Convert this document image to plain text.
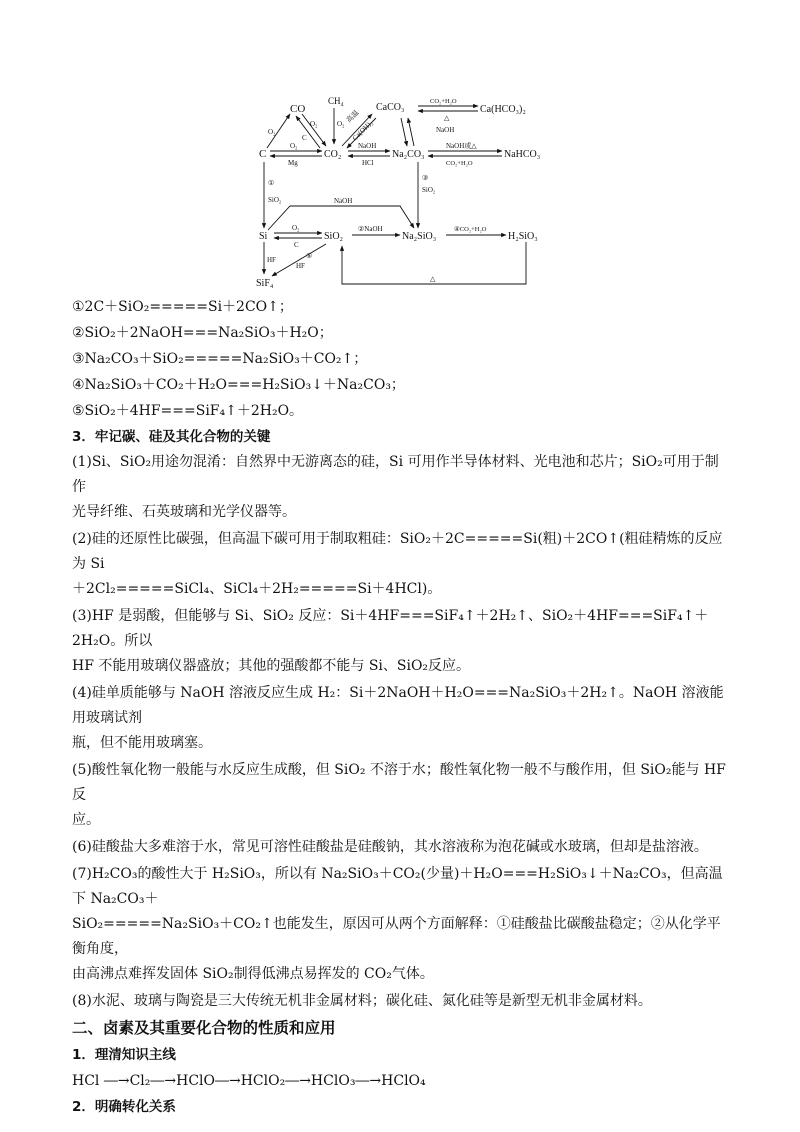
CO
CH₄
CaCO₃	Ca(HCO₃)₂
C	CO₂	Na₂CO₃	NaHCO₃
Si	SiO₂	Na₂SiO₃	H₂SiO₃
SiF₄
O₂
O₂
C
O₂ 高温
Ca(OH)₂
CO₂+H₂O
△
NaOH
O₂
Mg
NaOH
HCl
NaOH或△
CO₂+H₂O
①
SiO₂
③
SiO₂
NaOH
O₂
C
②NaOH	④CO₂+H₂O
HF	⑤
HF
△
①2C＋SiO₂=====Si＋2CO↑；
②SiO₂＋2NaOH===Na₂SiO₃＋H₂O；
③Na₂CO₃＋SiO₂=====Na₂SiO₃＋CO₂↑；
④Na₂SiO₃＋CO₂＋H₂O===H₂SiO₃↓＋Na₂CO₃；
⑤SiO₂＋4HF===SiF₄↑＋2H₂O。
3．牢记碳、硅及其化合物的关键
(1)Si、SiO₂用途勿混淆：自然界中无游离态的硅，Si 可用作半导体材料、光电池和芯片；SiO₂可用于制作
光导纤维、石英玻璃和光学仪器等。
(2)硅的还原性比碳强，但高温下碳可用于制取粗硅：SiO₂＋2C=====Si(粗)＋2CO↑(粗硅精炼的反应为 Si
＋2Cl₂=====SiCl₄、SiCl₄＋2H₂=====Si＋4HCl)。
(3)HF 是弱酸，但能够与 Si、SiO₂ 反应：Si＋4HF===SiF₄↑＋2H₂↑、SiO₂＋4HF===SiF₄↑＋2H₂O。所以
HF 不能用玻璃仪器盛放；其他的强酸都不能与 Si、SiO₂反应。
(4)硅单质能够与 NaOH 溶液反应生成 H₂：Si＋2NaOH＋H₂O===Na₂SiO₃＋2H₂↑。NaOH 溶液能用玻璃试剂
瓶，但不能用玻璃塞。
(5)酸性氧化物一般能与水反应生成酸，但 SiO₂ 不溶于水；酸性氧化物一般不与酸作用，但 SiO₂能与 HF 反
应。
(6)硅酸盐大多难溶于水，常见可溶性硅酸盐是硅酸钠，其水溶液称为泡花碱或水玻璃，但却是盐溶液。
(7)H₂CO₃的酸性大于 H₂SiO₃，所以有 Na₂SiO₃＋CO₂(少量)＋H₂O===H₂SiO₃↓＋Na₂CO₃，但高温下 Na₂CO₃＋
SiO₂=====Na₂SiO₃＋CO₂↑也能发生，原因可从两个方面解释：①硅酸盐比碳酸盐稳定；②从化学平衡角度，
由高沸点难挥发固体 SiO₂制得低沸点易挥发的 CO₂气体。
(8)水泥、玻璃与陶瓷是三大传统无机非金属材料；碳化硅、氮化硅等是新型无机非金属材料。
二、卤素及其重要化合物的性质和应用
1．理清知识主线
HCl ―→Cl₂―→HClO―→HClO₂―→HClO₃―→HClO₄
2．明确转化关系
